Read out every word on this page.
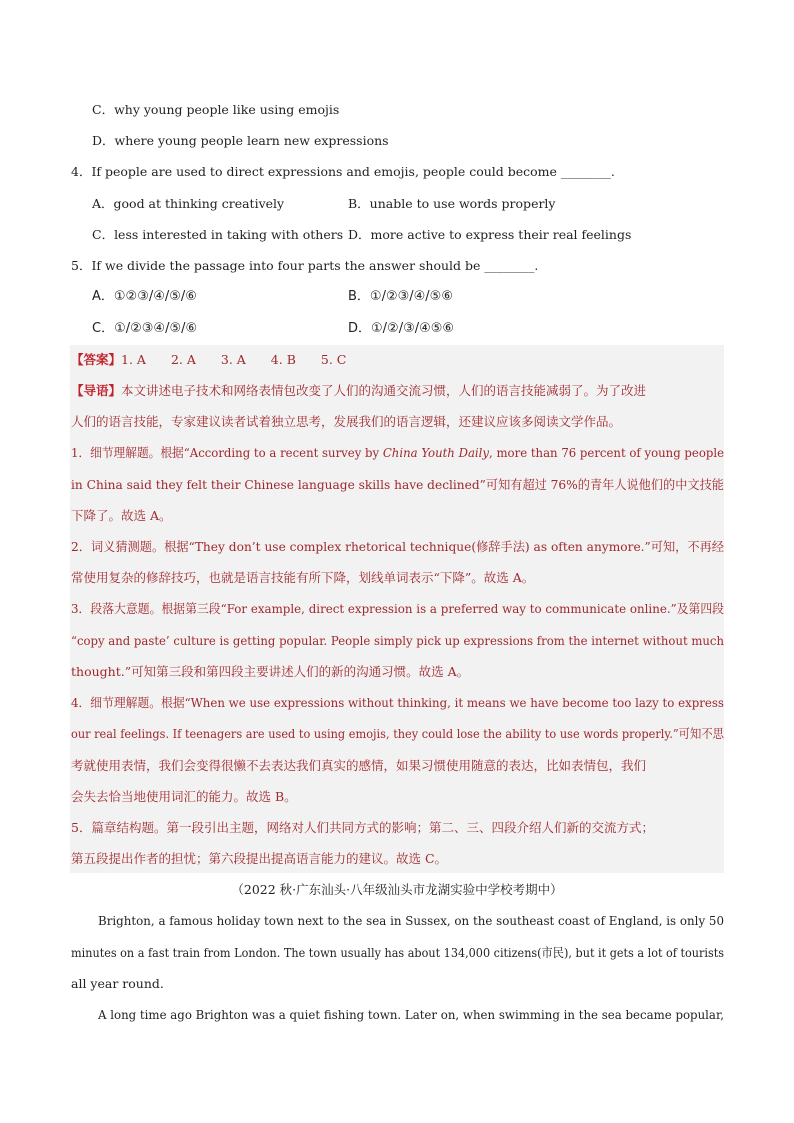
C．why young people like using emojis
D．where young people learn new expressions
4．If people are used to direct expressions and emojis, people could become ________.
A．good at thinking creatively	B．unable to use words properly
C．less interested in taking with others D．more active to express their real feelings
5．If we divide the passage into four parts the answer should be ________.
A．①②③/④/⑤/⑥	B．①/②③/④/⑤⑥
C．①/②③④/⑤/⑥	D．①/②/③/④⑤⑥
【答案】1. A　　2. A　　3. A　　4. B　　5. C
【导语】本文讲述电子技术和网络表情包改变了人们的沟通交流习惯，人们的语言技能减弱了。为了改进
人们的语言技能，专家建议读者试着独立思考，发展我们的语言逻辑，还建议应该多阅读文学作品。
1．细节理解题。根据“According to a recent survey by China Youth Daily, more than 76 percent of young people
in China said they felt their Chinese language skills have declined”可知有超过 76%的青年人说他们的中文技能
下降了。故选 A。
2．词义猜测题。根据“They don’t use complex rhetorical technique(修辞手法) as often anymore.”可知，不再经
常使用复杂的修辞技巧，也就是语言技能有所下降，划线单词表示“下降”。故选 A。
3．段落大意题。根据第三段“For example, direct expression is a preferred way to communicate online.”及第四段
“copy and paste’ culture is getting popular. People simply pick up expressions from the internet without much
thought.”可知第三段和第四段主要讲述人们的新的沟通习惯。故选 A。
4．细节理解题。根据“When we use expressions without thinking, it means we have become too lazy to express
our real feelings. If teenagers are used to using emojis, they could lose the ability to use words properly.”可知不思
考就使用表情，我们会变得很懒不去表达我们真实的感情，如果习惯使用随意的表达，比如表情包，我们
会失去恰当地使用词汇的能力。故选 B。
5．篇章结构题。第一段引出主题，网络对人们共同方式的影响；第二、三、四段介绍人们新的交流方式；
第五段提出作者的担忧；第六段提出提高语言能力的建议。故选 C。
（2022 秋·广东汕头·八年级汕头市龙湖实验中学校考期中）
Brighton, a famous holiday town next to the sea in Sussex, on the southeast coast of England, is only 50
minutes on a fast train from London. The town usually has about 134,000 citizens(市民), but it gets a lot of tourists
all year round.
A long time ago Brighton was a quiet fishing town. Later on, when swimming in the sea became popular,
